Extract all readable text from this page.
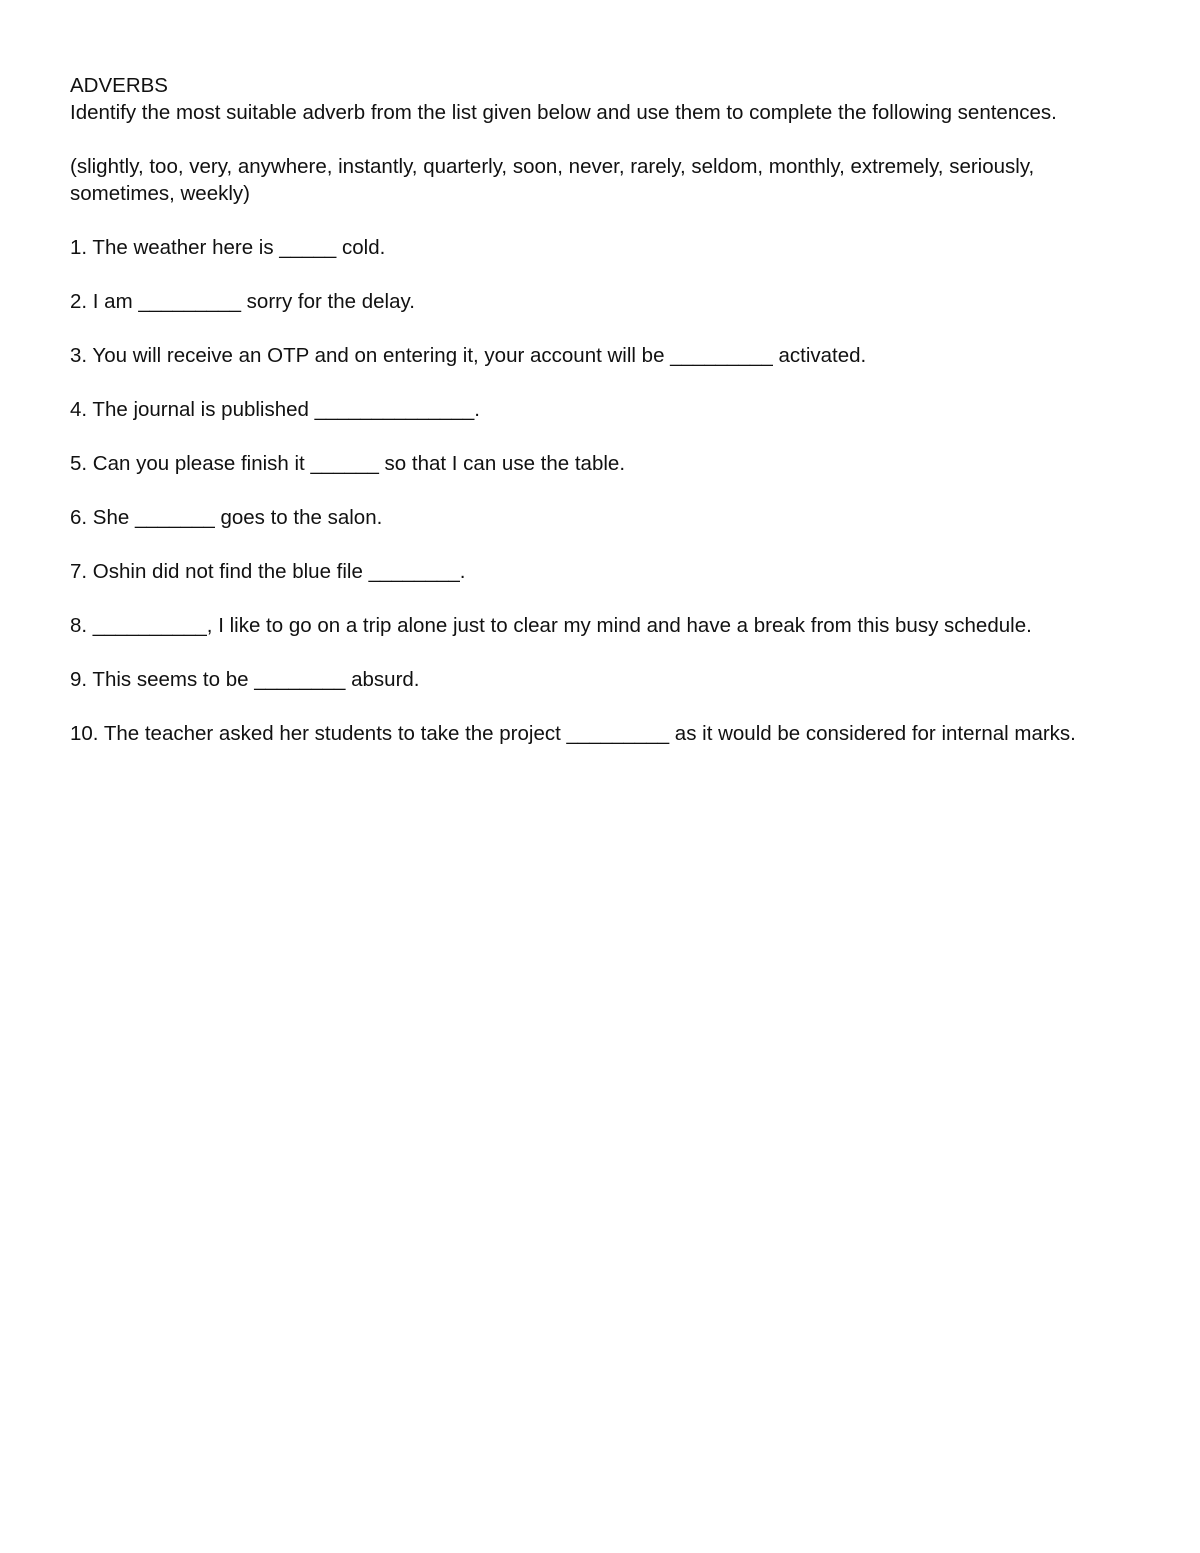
ADVERBS

Identify the most suitable adverb from the list given below and use them to complete the following sentences.

(slightly, too, very, anywhere, instantly, quarterly, soon, never, rarely, seldom, monthly, extremely, seriously, sometimes, weekly)

1. The weather here is _____ cold.

2. I am _________ sorry for the delay.

3. You will receive an OTP and on entering it, your account will be _________ activated.

4. The journal is published ______________.

5. Can you please finish it ______ so that I can use the table.

6. She _______ goes to the salon.

7. Oshin did not find the blue file ________.

8. __________, I like to go on a trip alone just to clear my mind and have a break from this busy schedule.

9. This seems to be ________ absurd.

10. The teacher asked her students to take the project _________ as it would be considered for internal marks.
